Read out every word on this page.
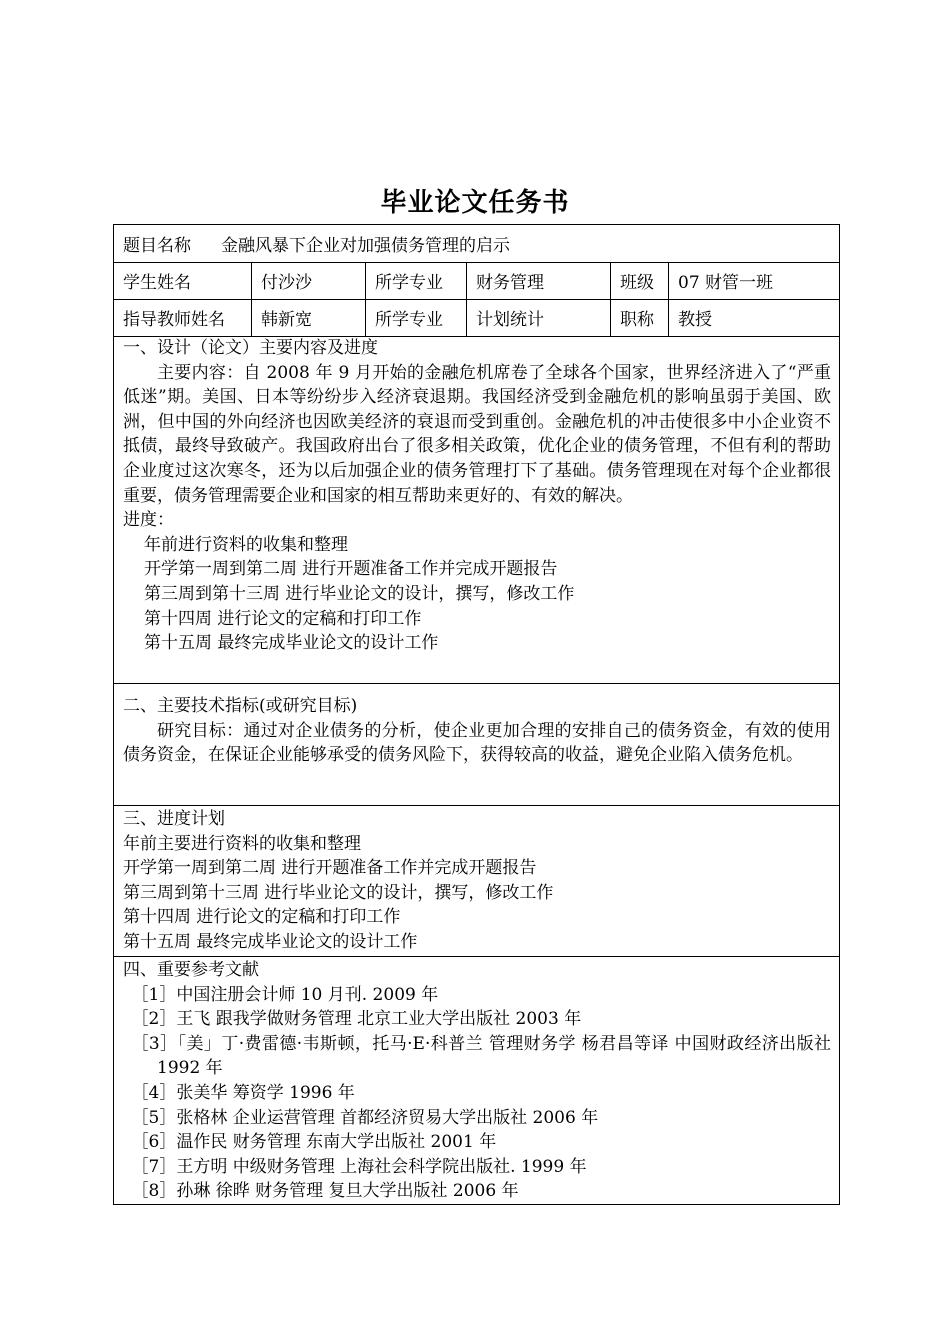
毕业论文任务书
题目名称 金融风暴下企业对加强债务管理的启示
学生姓名	付沙沙	所学专业	财务管理	班级	07 财管一班
指导教师姓名	韩新宽	所学专业	计划统计	职称	教授
一、设计（论文）主要内容及进度
主要内容：自 2008 年 9 月开始的金融危机席卷了全球各个国家，世界经济进入了“严重低迷”期。美国、日本等纷纷步入经济衰退期。我国经济受到金融危机的影响虽弱于美国、欧洲，但中国的外向经济也因欧美经济的衰退而受到重创。金融危机的冲击使很多中小企业资不抵债，最终导致破产。我国政府出台了很多相关政策，优化企业的债务管理，不但有利的帮助企业度过这次寒冬，还为以后加强企业的债务管理打下了基础。债务管理现在对每个企业都很重要，债务管理需要企业和国家的相互帮助来更好的、有效的解决。
进度：
年前进行资料的收集和整理
开学第一周到第二周 进行开题准备工作并完成开题报告
第三周到第十三周 进行毕业论文的设计，撰写，修改工作
第十四周 进行论文的定稿和打印工作
第十五周 最终完成毕业论文的设计工作
二、主要技术指标(或研究目标)
研究目标：通过对企业债务的分析，使企业更加合理的安排自己的债务资金，有效的使用债务资金，在保证企业能够承受的债务风险下，获得较高的收益，避免企业陷入债务危机。
三、进度计划
年前主要进行资料的收集和整理
开学第一周到第二周 进行开题准备工作并完成开题报告
第三周到第十三周 进行毕业论文的设计，撰写，修改工作
第十四周 进行论文的定稿和打印工作
第十五周 最终完成毕业论文的设计工作
四、重要参考文献
［1］中国注册会计师 10 月刊. 2009 年
［2］王飞 跟我学做财务管理 北京工业大学出版社 2003 年
［3］「美」丁·费雷德·韦斯顿，托马·E·科普兰 管理财务学 杨君昌等译 中国财政经济出版社 1992 年
［4］张美华 筹资学 1996 年
［5］张格林 企业运营管理 首都经济贸易大学出版社 2006 年
［6］温作民 财务管理 东南大学出版社 2001 年
［7］王方明 中级财务管理 上海社会科学院出版社. 1999 年
［8］孙琳 徐晔 财务管理 复旦大学出版社 2006 年
